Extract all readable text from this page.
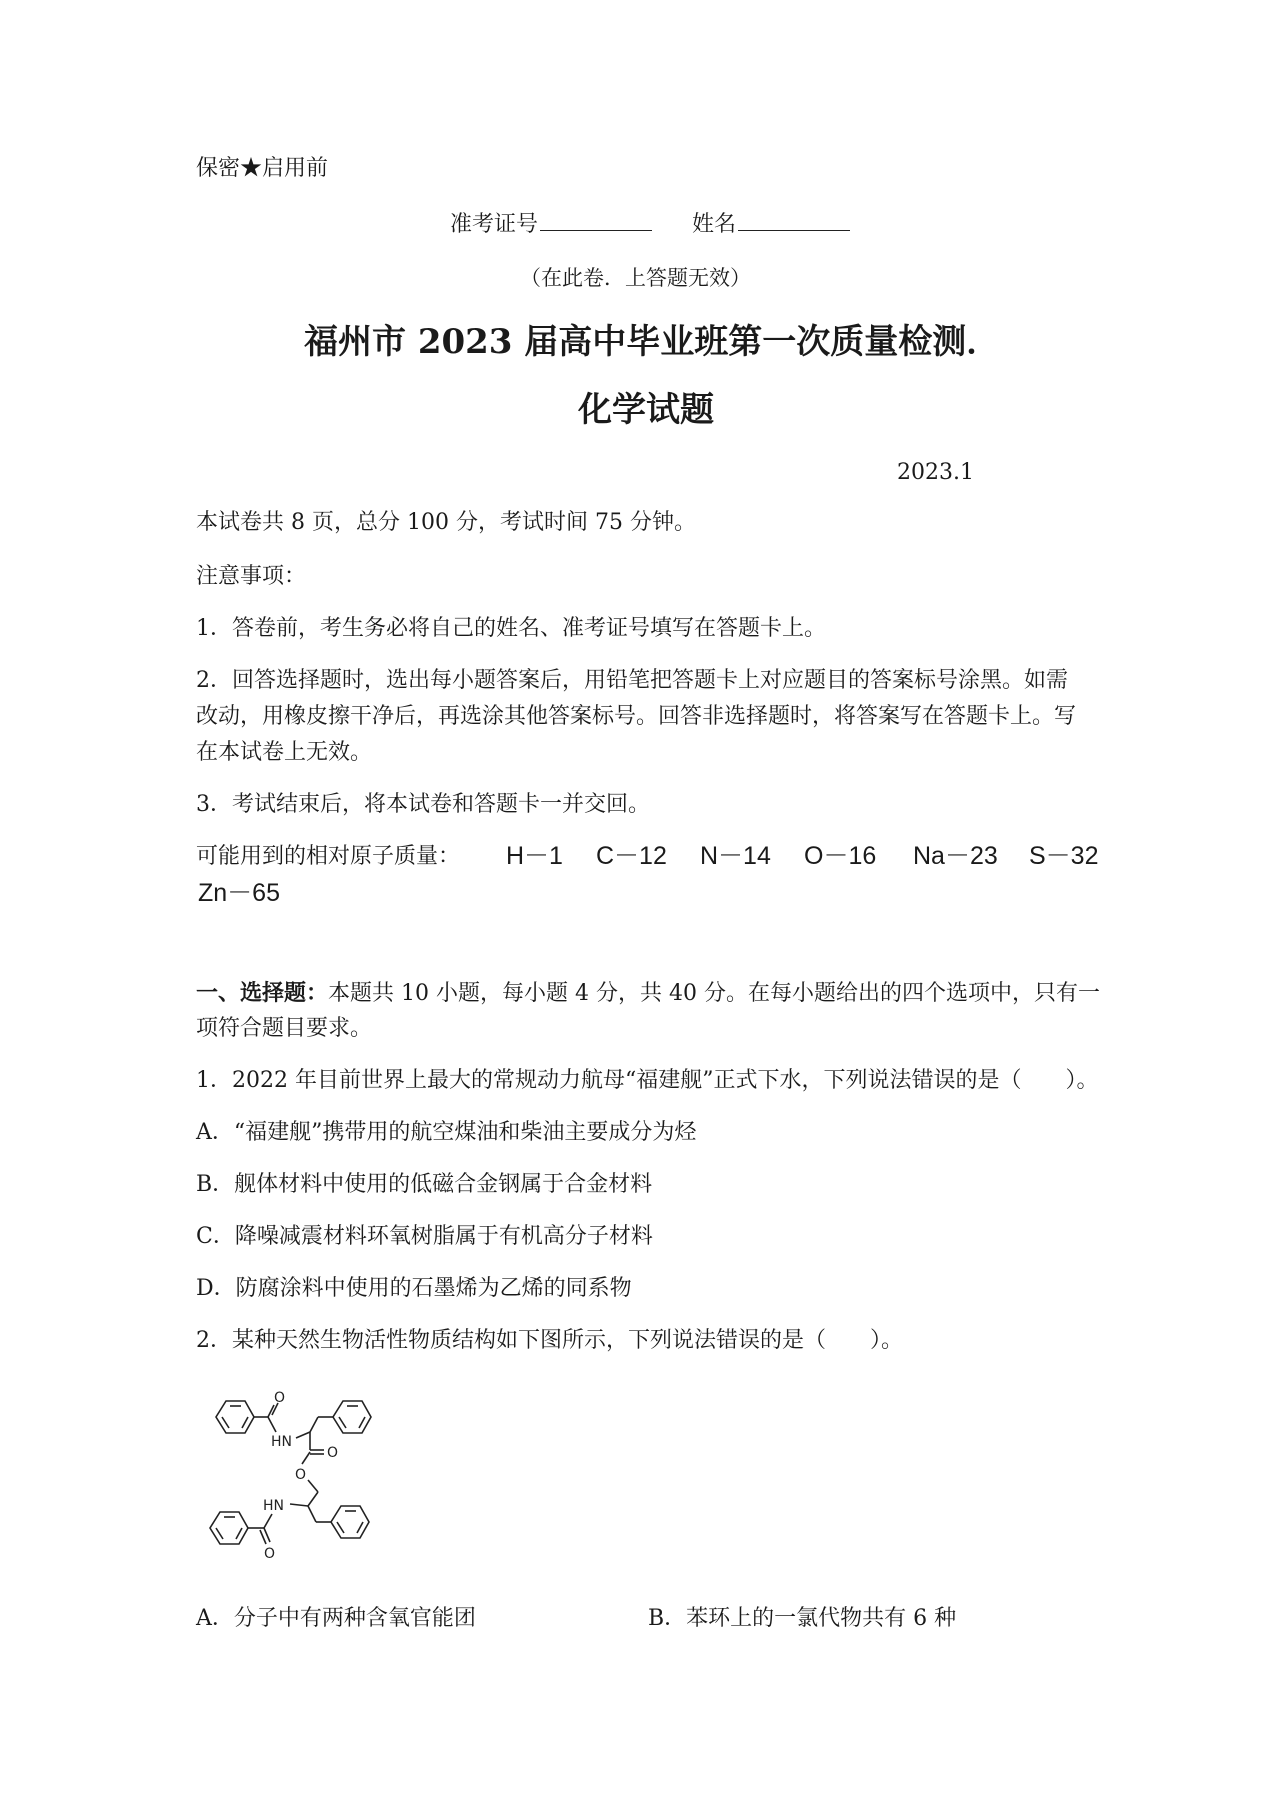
保密★启用前
准考证号	姓名
（在此卷．上答题无效）
福州市 2023 届高中毕业班第一次质量检测．
化学试题
2023.1
本试卷共 8 页，总分 100 分，考试时间 75 分钟。
注意事项：
1．答卷前，考生务必将自己的姓名、准考证号填写在答题卡上。
2．回答选择题时，选出每小题答案后，用铅笔把答题卡上对应题目的答案标号涂黑。如需
改动，用橡皮擦干净后，再选涂其他答案标号。回答非选择题时，将答案写在答题卡上。写
在本试卷上无效。
3．考试结束后，将本试卷和答题卡一并交回。
可能用到的相对原子质量： H－1 C－12 N－14 O－16 Na－23 S－32
Zn－65
一、选择题：本题共 10 小题，每小题 4 分，共 40 分。在每小题给出的四个选项中，只有一
项符合题目要求。
1．2022 年目前世界上最大的常规动力航母“福建舰”正式下水，下列说法错误的是（　　）。
A．“福建舰”携带用的航空煤油和柴油主要成分为烃
B．舰体材料中使用的低磁合金钢属于合金材料
C．降噪减震材料环氧树脂属于有机高分子材料
D．防腐涂料中使用的石墨烯为乙烯的同系物
2．某种天然生物活性物质结构如下图所示，下列说法错误的是（　　）。
O
HN
O
O
HN
O
A．分子中有两种含氧官能团	B．苯环上的一氯代物共有 6 种
